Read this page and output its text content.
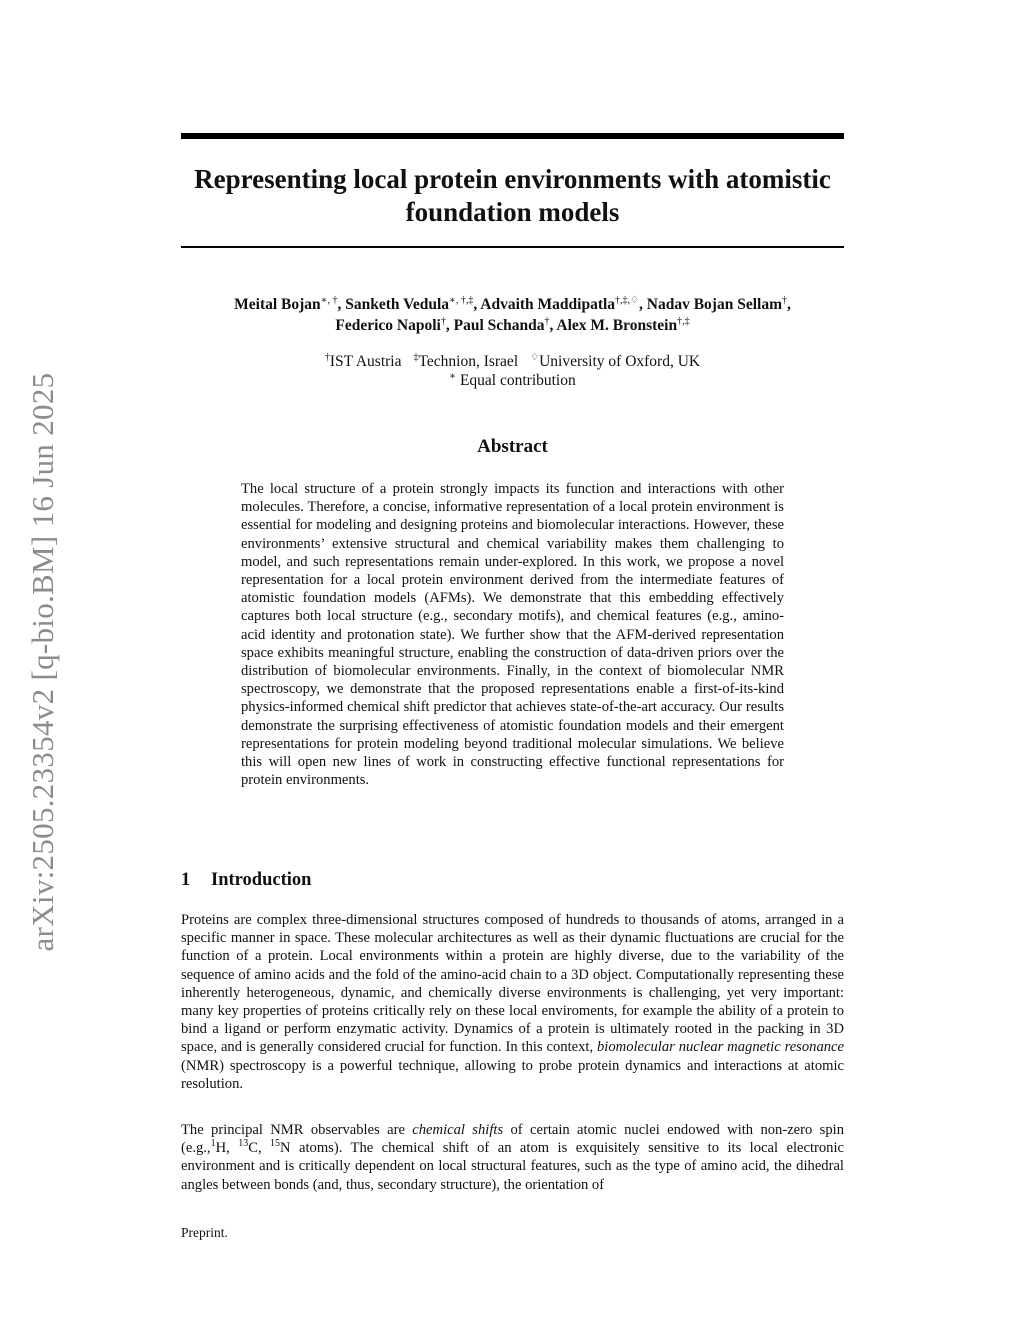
arXiv:2505.23354v2 [q-bio.BM] 16 Jun 2025
Representing local protein environments with atomistic foundation models
Meital Bojan∗, †, Sanketh Vedula∗, †,‡, Advaith Maddipatla†,‡,♢, Nadav Bojan Sellam†,
Federico Napoli†, Paul Schanda†, Alex M. Bronstein†,‡
†IST Austria ‡Technion, Israel ♢University of Oxford, UK
∗ Equal contribution
Abstract

The local structure of a protein strongly impacts its function and interactions with other molecules. Therefore, a concise, informative representation of a local protein environment is essential for modeling and designing proteins and biomolecular interactions. However, these environments’ extensive structural and chemical variability makes them challenging to model, and such representations remain under-explored. In this work, we propose a novel representation for a local protein environment derived from the intermediate features of atomistic foundation models (AFMs). We demonstrate that this embedding effectively captures both local structure (e.g., secondary motifs), and chemical features (e.g., amino-acid identity and protonation state). We further show that the AFM-derived representation space exhibits meaningful structure, enabling the construction of data-driven priors over the distribution of biomolecular environments. Finally, in the context of biomolecular NMR spectroscopy, we demonstrate that the proposed representations enable a first-of-its-kind physics-informed chemical shift predictor that achieves state-of-the-art accuracy. Our results demonstrate the surprising effectiveness of atomistic foundation models and their emergent representations for protein modeling beyond traditional molecular simulations. We believe this will open new lines of work in constructing effective functional representations for protein environments.

1 Introduction

Proteins are complex three-dimensional structures composed of hundreds to thousands of atoms, arranged in a specific manner in space. These molecular architectures as well as their dynamic fluctuations are crucial for the function of a protein. Local environments within a protein are highly diverse, due to the variability of the sequence of amino acids and the fold of the amino-acid chain to a 3D object. Computationally representing these inherently heterogeneous, dynamic, and chemically diverse environments is challenging, yet very important: many key properties of proteins critically rely on these local enviroments, for example the ability of a protein to bind a ligand or perform enzymatic activity. Dynamics of a protein is ultimately rooted in the packing in 3D space, and is generally considered crucial for function. In this context, biomolecular nuclear magnetic resonance (NMR) spectroscopy is a powerful technique, allowing to probe protein dynamics and interactions at atomic resolution.

The principal NMR observables are chemical shifts of certain atomic nuclei endowed with non-zero spin (e.g.,$^1$H, $^{13}$C, $^{15}$N atoms). The chemical shift of an atom is exquisitely sensitive to its local electronic environment and is critically dependent on local structural features, such as the type of amino acid, the dihedral angles between bonds (and, thus, secondary structure), the orientation of

Preprint.
